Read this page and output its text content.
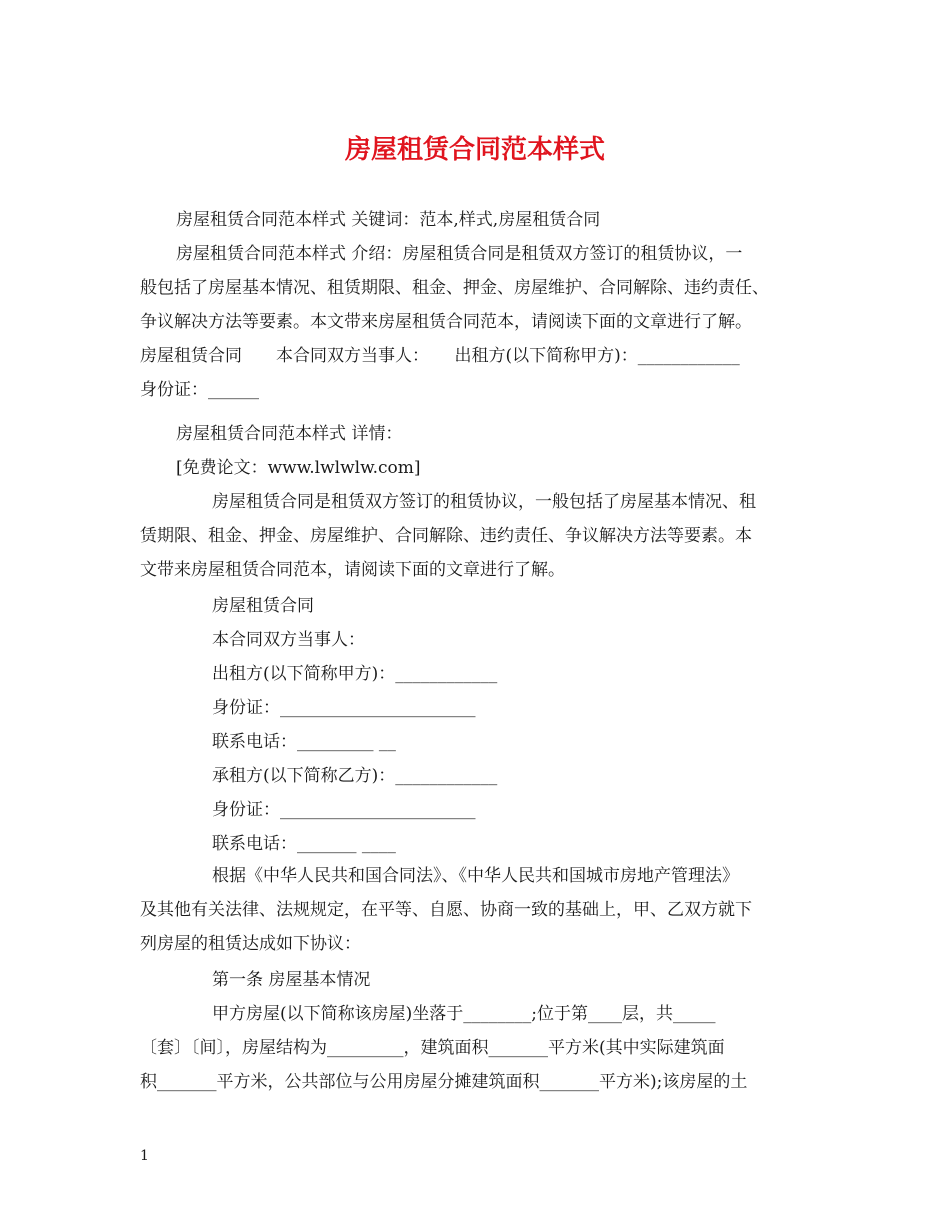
房屋租赁合同范本样式
房屋租赁合同范本样式 关键词：范本,样式,房屋租赁合同
房屋租赁合同范本样式 介绍：房屋租赁合同是租赁双方签订的租赁协议，一
般包括了房屋基本情况、租赁期限、租金、押金、房屋维护、合同解除、违约责任、
争议解决方法等要素。本文带来房屋租赁合同范本，请阅读下面的文章进行了解。
房屋租赁合同　　本合同双方当事人：　　出租方(以下简称甲方)：____________
身份证：______
房屋租赁合同范本样式 详情：
[免费论文：www.lwlwlw.com]
房屋租赁合同是租赁双方签订的租赁协议，一般包括了房屋基本情况、租
赁期限、租金、押金、房屋维护、合同解除、违约责任、争议解决方法等要素。本
文带来房屋租赁合同范本，请阅读下面的文章进行了解。
房屋租赁合同
本合同双方当事人：
出租方(以下简称甲方)：____________
身份证：_______________________
联系电话：_________ __
承租方(以下简称乙方)：____________
身份证：_______________________
联系电话：_______ ____
根据《中华人民共和国合同法》、《中华人民共和国城市房地产管理法》
及其他有关法律、法规规定，在平等、自愿、协商一致的基础上，甲、乙双方就下
列房屋的租赁达成如下协议：
第一条 房屋基本情况
甲方房屋(以下简称该房屋)坐落于________;位于第____层，共_____
〔套〕〔间〕，房屋结构为_________，建筑面积_______平方米(其中实际建筑面
积_______平方米，公共部位与公用房屋分摊建筑面积_______平方米);该房屋的土
1
